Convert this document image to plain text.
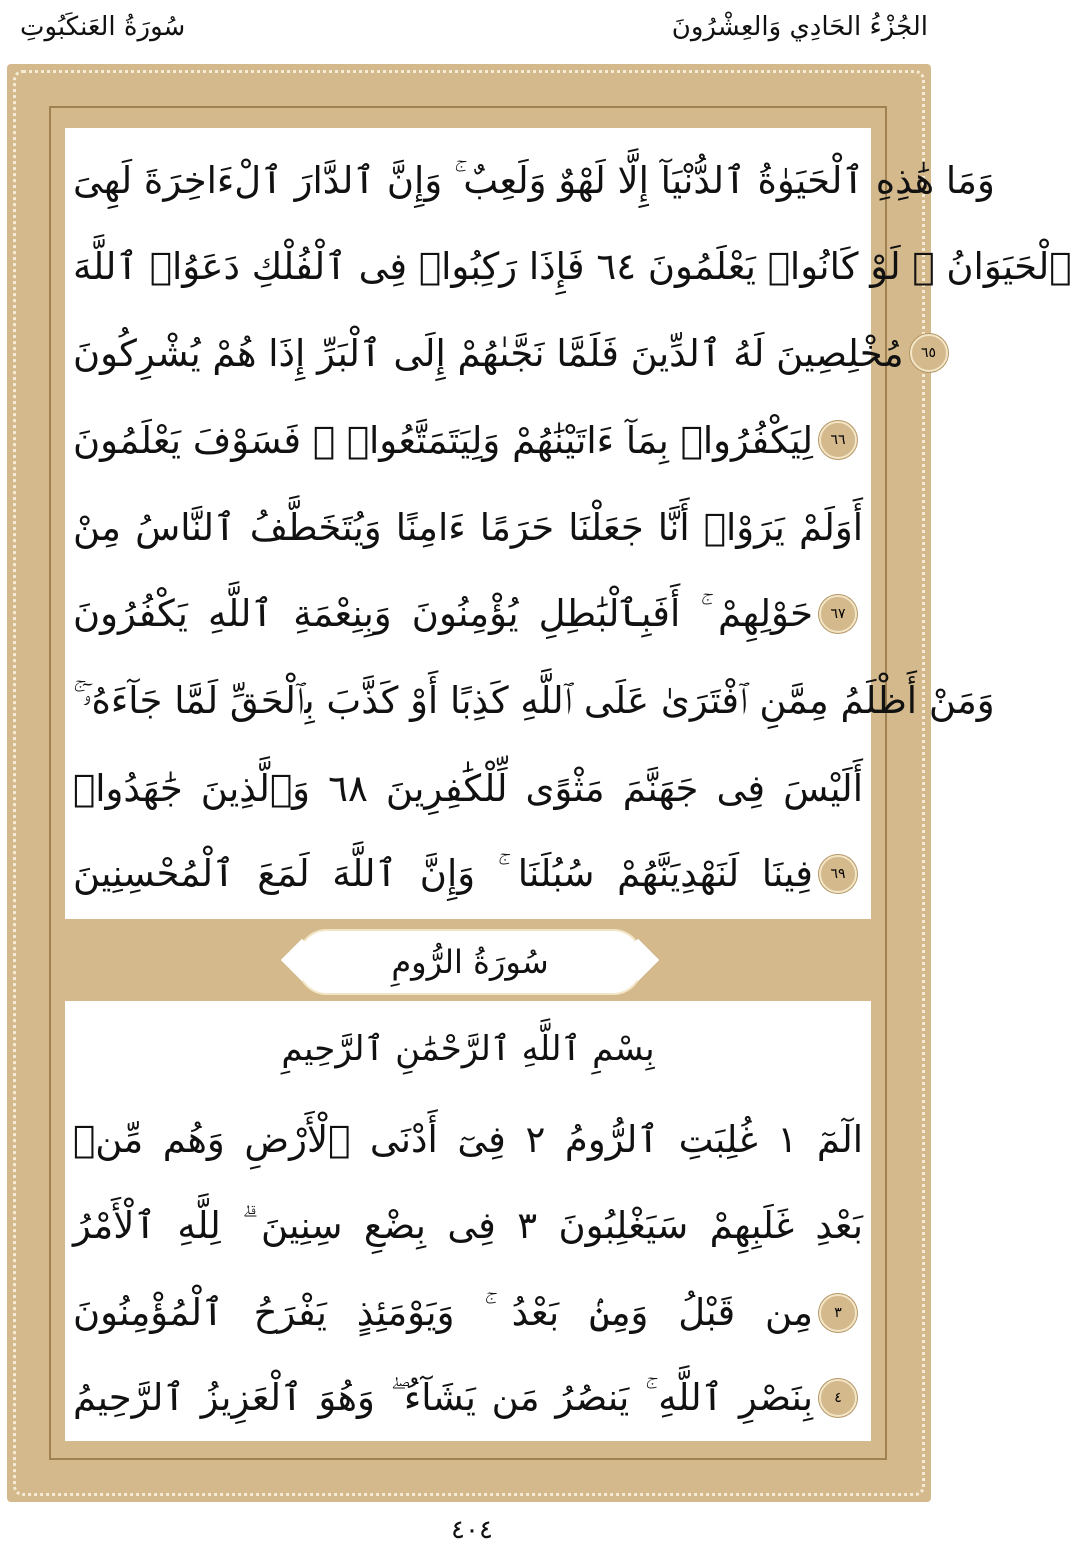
الجُزْءُ الحَادِي وَالعِشْرُونَ
سُورَةُ العَنكَبُوتِ
وَمَا هَٰذِهِ ٱلْحَيَوٰةُ ٱلدُّنْيَآ إِلَّا لَهْوٌ وَلَعِبٌ ۚ وَإِنَّ ٱلدَّارَ ٱلْءَاخِرَةَ لَهِىَ
ٱلْحَيَوَانُ ۚ لَوْ كَانُوا۟ يَعْلَمُونَ ٦٤ فَإِذَا رَكِبُوا۟ فِى ٱلْفُلْكِ دَعَوُا۟ ٱللَّهَ
مُخْلِصِينَ لَهُ ٱلدِّينَ فَلَمَّا نَجَّىٰهُمْ إِلَى ٱلْبَرِّ إِذَا هُمْ يُشْرِكُونَ	٦٥
لِيَكْفُرُوا۟ بِمَآ ءَاتَيْنَٰهُمْ وَلِيَتَمَتَّعُوا۟ ۖ فَسَوْفَ يَعْلَمُونَ	٦٦
أَوَلَمْ يَرَوْا۟ أَنَّا جَعَلْنَا حَرَمًا ءَامِنًا وَيُتَخَطَّفُ ٱلنَّاسُ مِنْ
حَوْلِهِمْ ۚ أَفَبِٱلْبَٰطِلِ يُؤْمِنُونَ وَبِنِعْمَةِ ٱللَّهِ يَكْفُرُونَ	٦٧
وَمَنْ أَظْلَمُ مِمَّنِ ٱفْتَرَىٰ عَلَى ٱللَّهِ كَذِبًا أَوْ كَذَّبَ بِٱلْحَقِّ لَمَّا جَآءَهُۥٓ ۚ
أَلَيْسَ فِى جَهَنَّمَ مَثْوًى لِّلْكَٰفِرِينَ ٦٨ وَٱلَّذِينَ جَٰهَدُوا۟
فِينَا لَنَهْدِيَنَّهُمْ سُبُلَنَا ۚ وَإِنَّ ٱللَّهَ لَمَعَ ٱلْمُحْسِنِينَ	٦٩
سُورَةُ الرُّومِ
بِسْمِ ٱللَّهِ ٱلرَّحْمَٰنِ ٱلرَّحِيمِ
الٓمٓ ١ غُلِبَتِ ٱلرُّومُ ٢ فِىٓ أَدْنَى ٱلْأَرْضِ وَهُم مِّنۢ
بَعْدِ غَلَبِهِمْ سَيَغْلِبُونَ ٣ فِى بِضْعِ سِنِينَ ۗ لِلَّهِ ٱلْأَمْرُ
مِن قَبْلُ وَمِنۢ بَعْدُ ۚ وَيَوْمَئِذٍ يَفْرَحُ ٱلْمُؤْمِنُونَ	٣
بِنَصْرِ ٱللَّهِ ۚ يَنصُرُ مَن يَشَآءُ ۖ وَهُوَ ٱلْعَزِيزُ ٱلرَّحِيمُ	٤
٤٠٤
